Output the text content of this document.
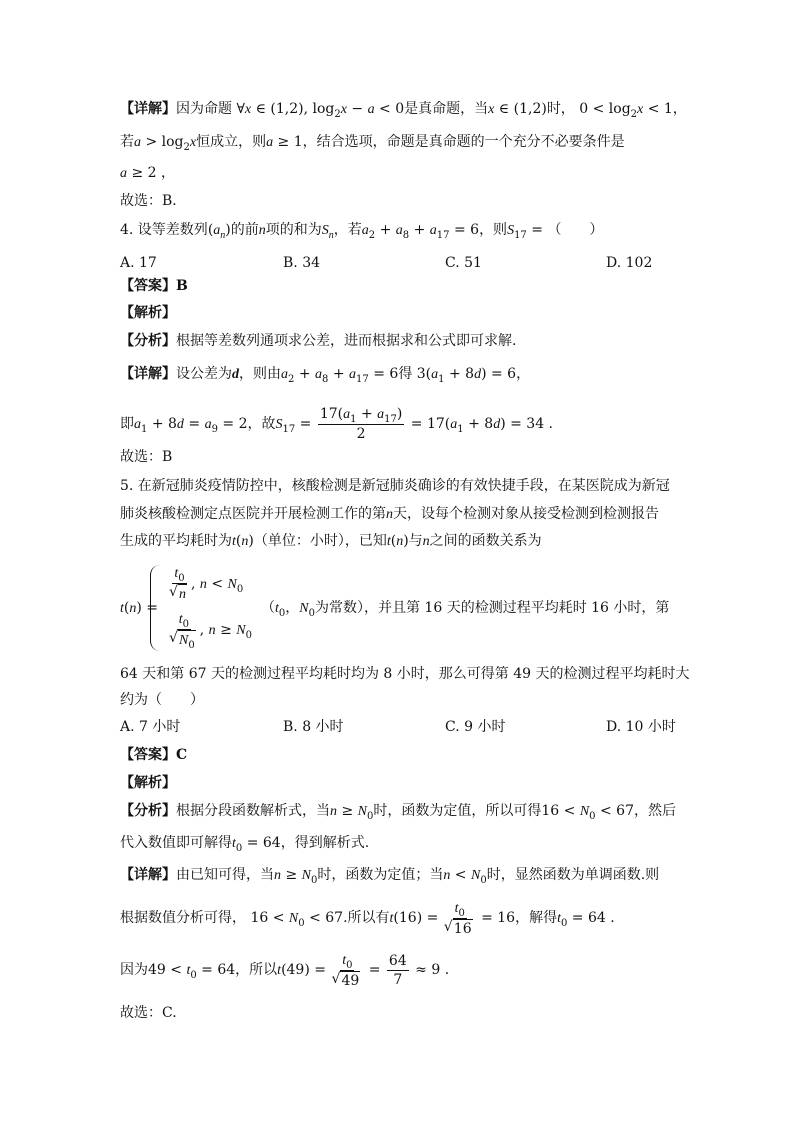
【详解】因为命题 ∀x ∈ (1,2), $\log_2x - a < 0$是真命题，当x ∈ (1,2)时， $0 < \log_2x < 1$，
若$a > \log_2x$恒成立，则a ≥ 1，结合选项，命题是真命题的一个充分不必要条件是
a ≥ 2 ，
故选：B．
4. 设等差数列$(a_n)$的前n项的和为$S_n$，若$a_2 + a_8 + a_{17} = 6$，则$S_{17}$ = （　　）
A. 17	B. 34	C. 51	D. 102
【答案】B
【解析】
【分析】根据等差数列通项求公差，进而根据求和公式即可求解.
【详解】设公差为d，则由$a_2 + a_8 + a_{17} = 6$得 $3(a_1 + 8d) = 6$，
即$a_1 + 8d = a_9 = 2$，故$S_{17} = \frac{17(a_1 + a_{17})}{2} = 17(a_1 + 8d) = 34$ .
故选：B
5. 在新冠肺炎疫情防控中，核酸检测是新冠肺炎确诊的有效快捷手段，在某医院成为新冠
肺炎核酸检测定点医院并开展检测工作的第n天，设每个检测对象从接受检测到检测报告
生成的平均耗时为t(n)（单位：小时），已知t(n)与n之间的函数关系为
t(n) =
$t_0$
√ n , $n < N_0$
$t_0$
√ $N_0$ , $n \ge N_0$
（$t_0$，$N_0$为常数），并且第 16 天的检测过程平均耗时 16 小时，第
64 天和第 67 天的检测过程平均耗时均为 8 小时，那么可得第 49 天的检测过程平均耗时大
约为（　　）
A. 7 小时	B. 8 小时	C. 9 小时	D. 10 小时
【答案】C
【解析】
【分析】根据分段函数解析式，当$n \ge N_0$时，函数为定值，所以可得$16 < N_0 < 67$，然后
代入数值即可解得$t_0 = 64$，得到解析式.
【详解】由已知可得，当$n \ge N_0$时，函数为定值；当$n < N_0$时，显然函数为单调函数.则
根据数值分析可得， $16 < N_0 < 67$.所以有$t(16) = t_0$
√ 16 = 16，解得$t_0 = 64$ .
因为$49 < t_0 = 64$，所以$t(49) = t_0$
√ $49 = \frac{64}{7} \approx 9$ .
故选：C.
